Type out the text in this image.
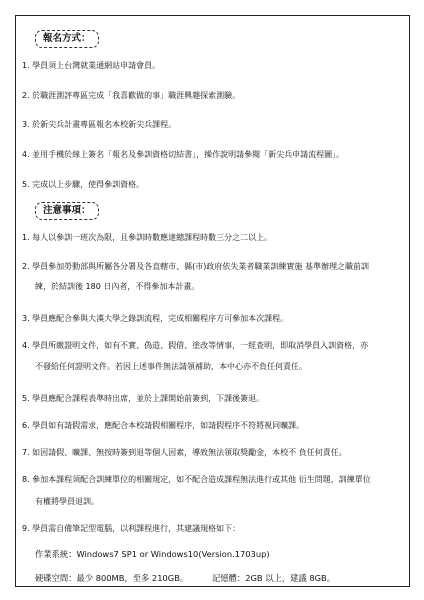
報名方式：
1. 學員須上台灣就業通網站申請會員。
2. 於職涯測評專區完成「我喜歡做的事」職涯興趣探索測驗。
3. 於新尖兵計畫專區報名本校新尖兵課程。
4. 並用手機於線上簽名「報名及參訓資格切結書」，操作說明請參閱「新尖兵申請流程圖」。
5. 完成以上步驟，使得參訓資格。
注意事項：
1. 每人以參訓一班次為限，且參訓時數應達總課程時數三分之二以上。
2. 學員參加勞動部與所屬各分署及各直轄市、縣(市)政府依失業者職業訓練實施 基準辦理之職前訓
練，於結訓後 180 日內者，不得參加本計畫。
3. 學員應配合參與大漢大學之錄訓流程，完成相關程序方可參加本次課程。
4. 學員所繳證明文件，如有不實、偽造、假借、塗改等情事，一經查明，即取消學員入訓資格，亦
不發給任何證明文件。若因上述事件無法請領補助，本中心亦不負任何責任。
5. 學員應配合課程表準時出席，並於上課開始前簽到，下課後簽退。
6. 學員如有請假需求，應配合本校請假相關程序，如請假程序不符將視同曠課。
7. 如因請假、曠課、無按時簽到退等個人因素，導致無法領取獎勵金，本校不 負任何責任。
8. 參加本課程須配合訓練單位的相關規定，如不配合造成課程無法進行或其他 衍生問題，訓練單位
有權將學員退訓。
9. 學員需自備筆記型電腦，以利課程進行，其建議規格如下：
作業系統：Windows7 SP1 or Windows10(Version.1703up)
硬碟空間：最少 800MB，至多 210GB。	記憶體：2GB 以上，建議 8GB。
